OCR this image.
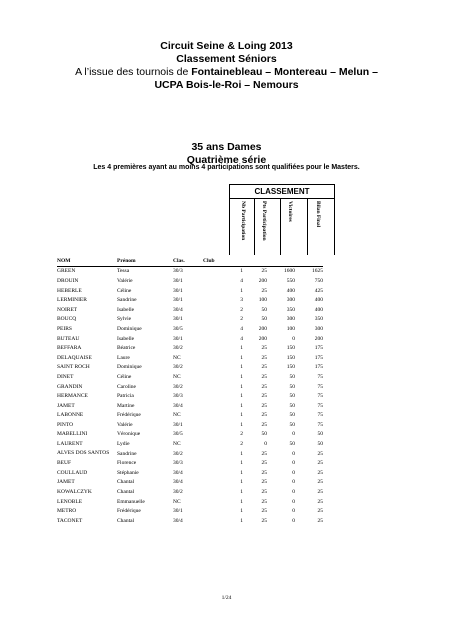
Circuit Seine & Loing 2013
Classement Séniors
A l’issue des tournois de Fontainebleau – Montereau – Melun –
UCPA Bois-le-Roi – Nemours
35 ans Dames
Quatrième série
Les 4 premières ayant au moins 4 participations sont qualifiées pour le Masters.
CLASSEMENT
Nb Participation	Pts Participation	Victoires	Bilan Final
NOM	Prénom	Clas.	Club				
GREEN	Tessa	30/3		1	25	1600	1625
DROUIN	Valérie	30/1		4	200	550	750
HEBERLE	Céline	30/1		1	25	400	425
LERMINIER	Sandrine	30/1		3	100	300	400
NOIRET	Isabelle	30/4		2	50	350	400
BOUCQ	Sylvie	30/1		2	50	300	350
PEIRS	Dominique	30/5		4	200	100	300
BUTEAU	Isabelle	30/1		4	200	0	200
BEFFARA	Béatrice	30/2		1	25	150	175
DELAQUAISE	Laure	NC		1	25	150	175
SAINT ROCH	Dominique	30/2		1	25	150	175
DINET	Céline	NC		1	25	50	75
GRANDIN	Caroline	30/2		1	25	50	75
HERMANCE	Patricia	30/3		1	25	50	75
JAMET	Martine	30/4		1	25	50	75
LABONNE	Frédérique	NC		1	25	50	75
PINTO	Valérie	30/1		1	25	50	75
MABELLINI	Véronique	30/5		2	50	0	50
LAURENT	Lydie	NC		2	0	50	50
ALVES DOS SANTOS	Sandrine	30/2		1	25	0	25
BEUF	Florence	30/3		1	25	0	25
COULLAUD	Stéphanie	30/4		1	25	0	25
JAMET	Chantal	30/4		1	25	0	25
KOWALCZYK	Chantal	30/2		1	25	0	25
LENOBLE	Emmanuelle	NC		1	25	0	25
METRO	Frédérique	30/1		1	25	0	25
TACONET	Chantal	30/4		1	25	0	25
1/24
